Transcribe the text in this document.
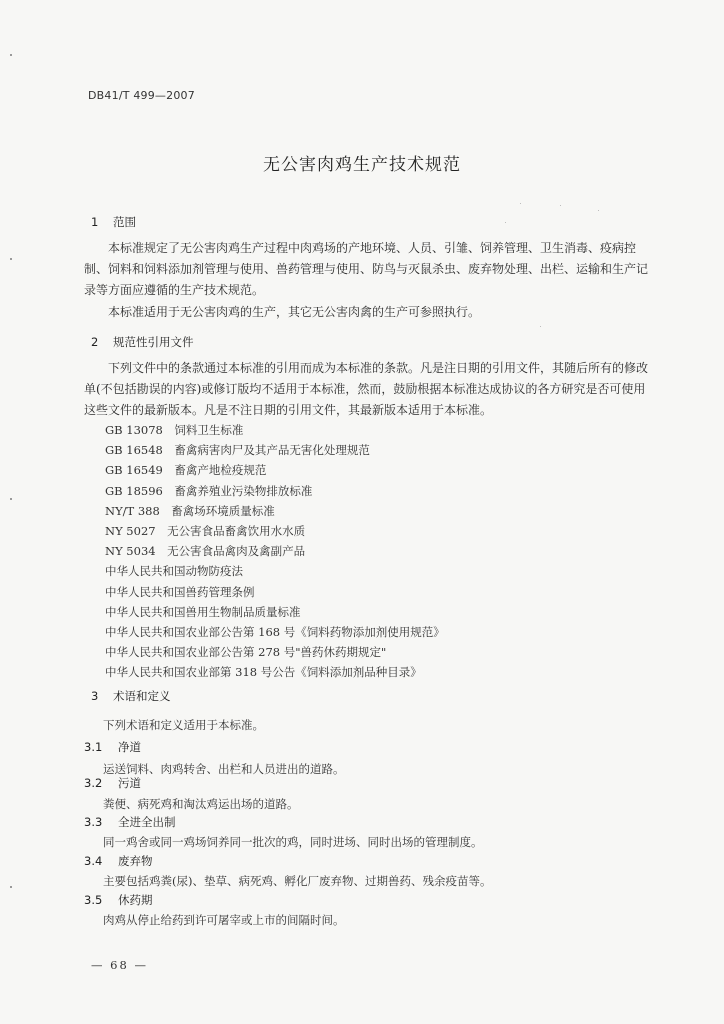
DB41/T 499—2007
无公害肉鸡生产技术规范
1 范围
本标准规定了无公害肉鸡生产过程中肉鸡场的产地环境、人员、引雏、饲养管理、卫生消毒、疫病控制、饲料和饲料添加剂管理与使用、兽药管理与使用、防鸟与灭鼠杀虫、废弃物处理、出栏、运输和生产记录等方面应遵循的生产技术规范。
本标准适用于无公害肉鸡的生产，其它无公害肉禽的生产可参照执行。
2 规范性引用文件
下列文件中的条款通过本标准的引用而成为本标准的条款。凡是注日期的引用文件，其随后所有的修改单(不包括勘误的内容)或修订版均不适用于本标准，然而，鼓励根据本标准达成协议的各方研究是否可使用这些文件的最新版本。凡是不注日期的引用文件，其最新版本适用于本标准。
GB 13078　饲料卫生标准
GB 16548　畜禽病害肉尸及其产品无害化处理规范
GB 16549　畜禽产地检疫规范
GB 18596　畜禽养殖业污染物排放标准
NY/T 388　畜禽场环境质量标准
NY 5027　无公害食品畜禽饮用水水质
NY 5034　无公害食品禽肉及禽副产品
中华人民共和国动物防疫法
中华人民共和国兽药管理条例
中华人民共和国兽用生物制品质量标准
中华人民共和国农业部公告第 168 号《饲料药物添加剂使用规范》
中华人民共和国农业部公告第 278 号"兽药休药期规定"
中华人民共和国农业部第 318 号公告《饲料添加剂品种目录》
3 术语和定义
下列术语和定义适用于本标准。
3.1 净道
运送饲料、肉鸡转舍、出栏和人员进出的道路。
3.2 污道
粪便、病死鸡和淘汰鸡运出场的道路。
3.3 全进全出制
同一鸡舍或同一鸡场饲养同一批次的鸡，同时进场、同时出场的管理制度。
3.4 废弃物
主要包括鸡粪(尿)、垫草、病死鸡、孵化厂废弃物、过期兽药、残余疫苗等。
3.5 休药期
肉鸡从停止给药到许可屠宰或上市的间隔时间。
— 68 —
